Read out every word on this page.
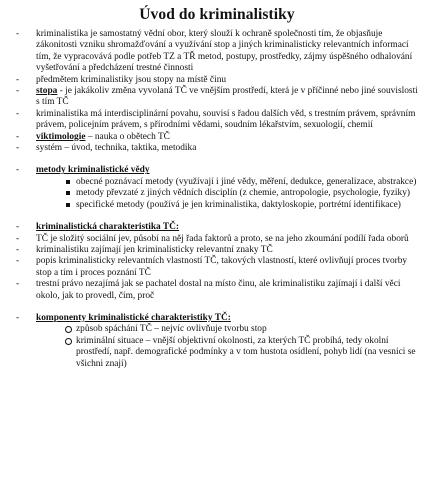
Úvod do kriminalistiky
- kriminalistika je samostatný vědní obor, který slouží k ochraně společnosti tím, že objasňuje zákonitosti vzniku shromažďování a využívání stop a jiných kriminalisticky relevantních informací tím, že vypracovává podle potřeb TZ a TŘ metod, postupy, prostředky, zájmy úspěšného odhalování vyšetřování a předcházení trestné činnosti
- předmětem kriminalistiky jsou stopy na místě činu
- stopa - je jakákoliv změna vyvolaná TČ ve vnějším prostředí, která je v příčinné nebo jiné souvislosti s tím TČ
- kriminalistika má interdisciplinární povahu, souvisí s řadou dalších věd, s trestním právem, správním právem, policejním právem, s přírodními vědami, soudním lékařstvím, sexuologií, chemií
- viktimologie – nauka o obětech TČ
- systém – úvod, technika, taktika, metodika
- metody kriminalistické vědy
obecné poznávací metody (využívají i jiné vědy, měření, dedukce, generalizace, abstrakce)
metody převzaté z jiných vědních disciplín (z chemie, antropologie, psychologie, fyziky)
specifické metody (používá je jen kriminalistika, daktyloskopie, portrétní identifikace)
- kriminalistická charakteristika TČ:
- TČ je složitý sociální jev, působí na něj řada faktorů a proto, se na jeho zkoumání podílí řada oborů
- kriminalistiku zajímají jen kriminalisticky relevantní znaky TČ
- popis kriminalisticky relevantních vlastností TČ, takových vlastností, které ovlivňují proces tvorby stop a tím i proces poznání TČ
- trestní právo nezajímá jak se pachatel dostal na místo činu, ale kriminalistiku zajímají i další věci okolo, jak to provedl, čím, proč
- komponenty kriminalistické charakteristiky TČ:
způsob spáchání TČ – nejvíc ovlivňuje tvorbu stop
kriminální situace – vnější objektivní okolnosti, za kterých TČ probíhá, tedy okolní prostředí, např. demografické podmínky a v tom hustota osídlení, pohyb lidí (na vesnici se všichni znají)
